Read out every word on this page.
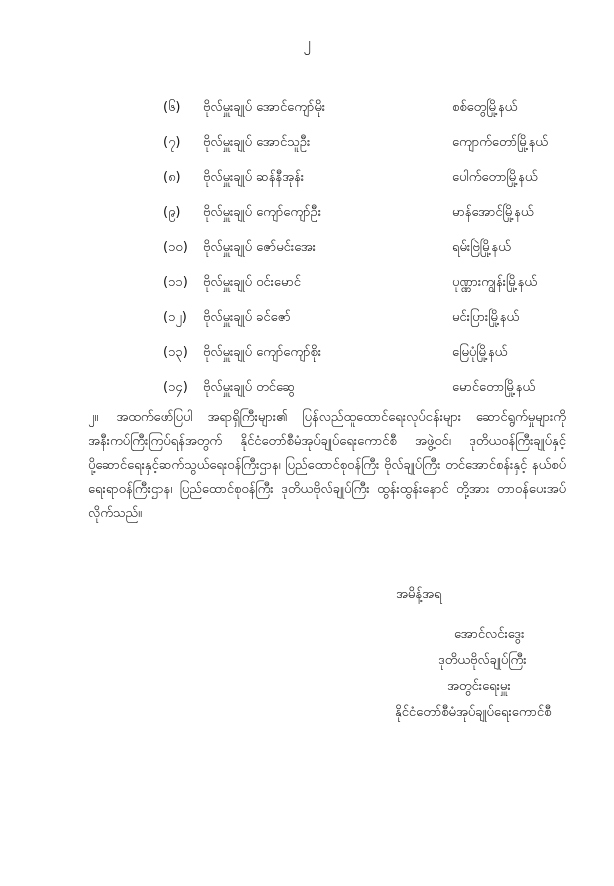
၂
(၆) ဗိုလ်မှူးချုပ် အောင်ကျော်မိုး	စစ်တွေမြို့နယ်
(၇) ဗိုလ်မှူးချုပ် အောင်သူဦး	ကျောက်တော်မြို့နယ်
(၈) ဗိုလ်မှူးချုပ် ဆန်နီအုန်း	ပေါက်တောမြို့နယ်
(၉) ဗိုလ်မှူးချုပ် ကျော်ကျော်ဦး	မာန်အောင်မြို့နယ်
(၁၀) ဗိုလ်မှူးချုပ် ဇော်မင်းအေး	ရမ်းဗြဲမြို့နယ်
(၁၁) ဗိုလ်မှူးချုပ် ဝင်းမောင်	ပုဏ္ဏားကျွန်းမြို့နယ်
(၁၂) ဗိုလ်မှူးချုပ် ခင်ဇော်	မင်းပြားမြို့နယ်
(၁၃) ဗိုလ်မှူးချုပ် ကျော်ကျော်စိုး	မြေပုံမြို့နယ်
(၁၄) ဗိုလ်မှူးချုပ် တင်ဆွေ	မောင်တောမြို့နယ်
၂။ အထက်ဖော်ပြပါ အရာရှိကြီးများ၏ ပြန်လည်ထူထောင်ရေးလုပ်ငန်းများ ဆောင်ရွက်မှုများကို အနီးကပ်ကြီးကြပ်ရန်အတွက် နိုင်ငံတော်စီမံအုပ်ချုပ်ရေးကောင်စီ အဖွဲ့ဝင်၊ ဒုတိယဝန်ကြီးချုပ်နှင့် ပို့ဆောင်ရေးနှင့်ဆက်သွယ်ရေးဝန်ကြီးဌာန၊ ပြည်ထောင်စုဝန်ကြီး ဗိုလ်ချုပ်ကြီး တင်အောင်စန်းနှင့် နယ်စပ်ရေးရာဝန်ကြီးဌာန၊ ပြည်ထောင်စုဝန်ကြီး ဒုတိယဗိုလ်ချုပ်ကြီး ထွန်းထွန်းနောင် တို့အား တာဝန်ပေးအပ်လိုက်သည်။
အမိန့်အရ
အောင်လင်းဒွေး
ဒုတိယဗိုလ်ချုပ်ကြီး
အတွင်းရေးမှူး
နိုင်ငံတော်စီမံအုပ်ချုပ်ရေးကောင်စီ
